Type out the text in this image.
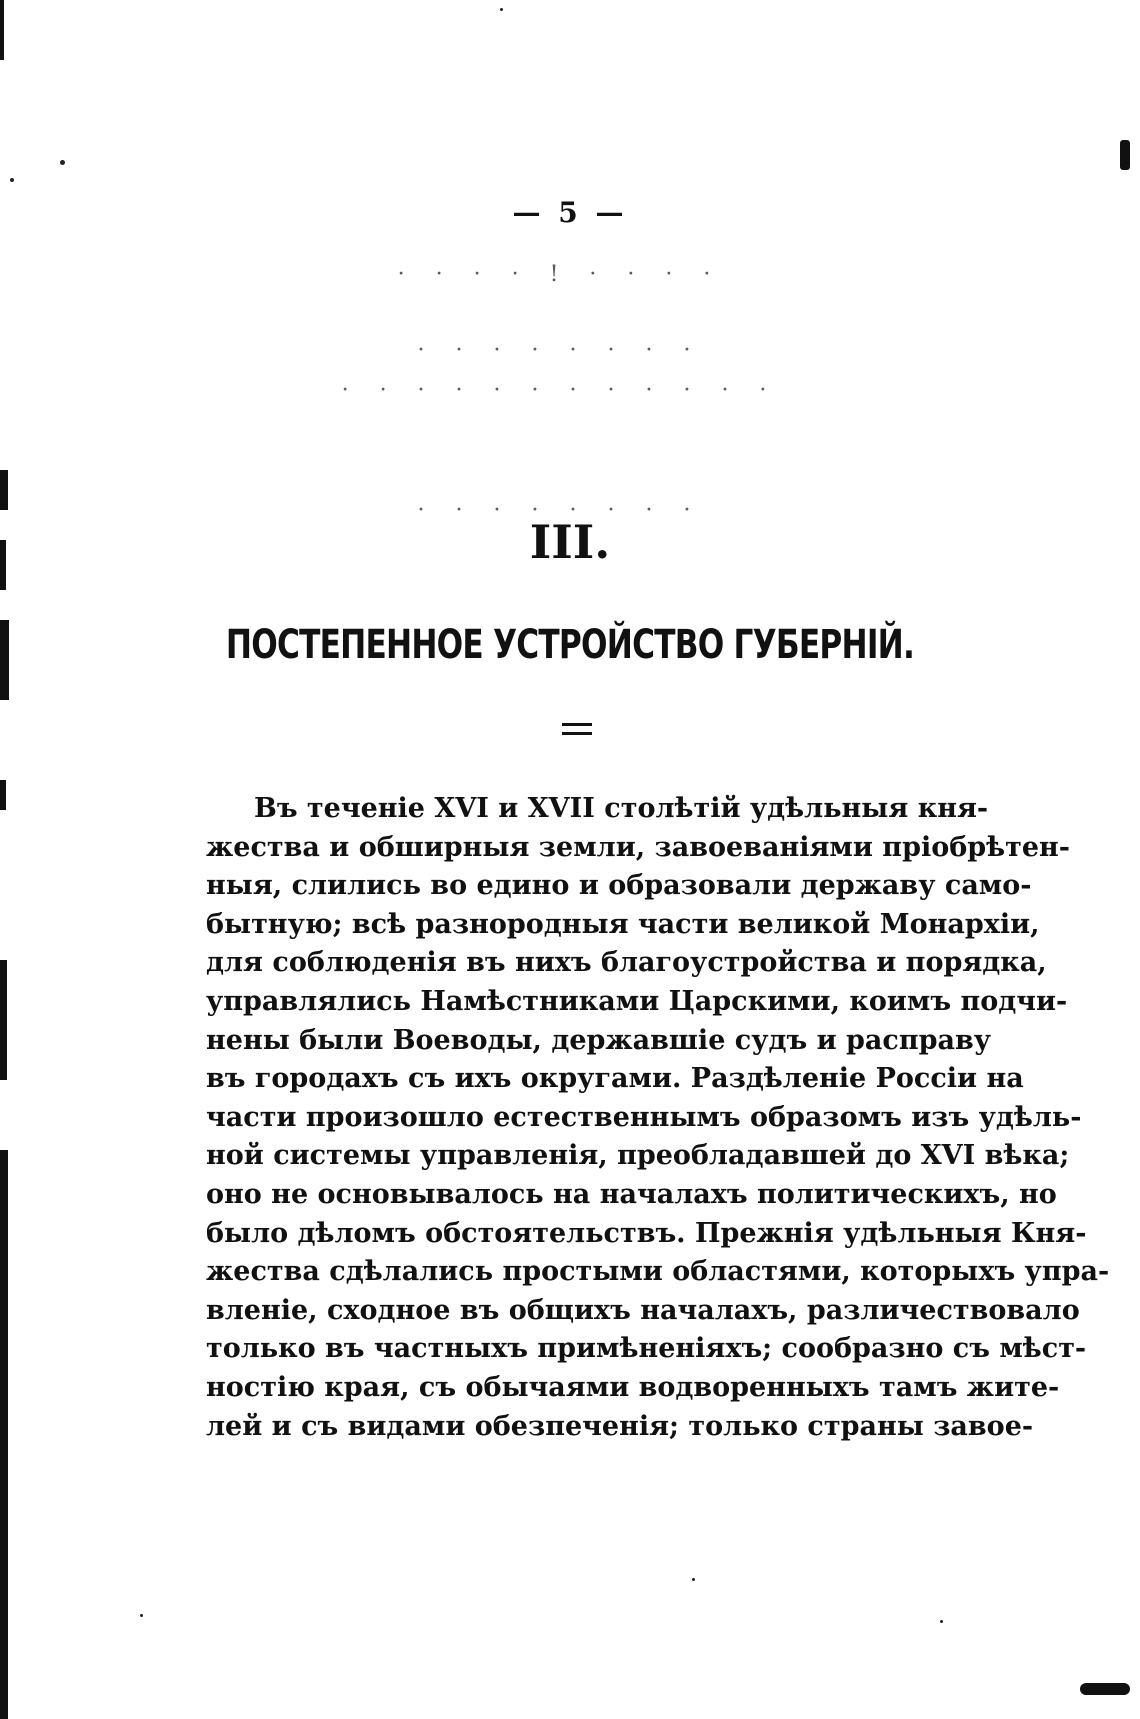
— 5 —
· · · · ! · · · ·
· · · · · · · ·
· · · · · · · · · · · ·
· · · · · · · ·
III.
ПОСТЕПЕННОЕ УСТРОЙСТВО ГУБЕРНІЙ.
Въ теченіе XVI и XVII столѣтій удѣльныя кня-
жества и обширныя земли, завоеваніями пріобрѣтен-
ныя, слились во едино и образовали державу само-
бытную; всѣ разнородныя части великой Монархіи,
для соблюденія въ нихъ благоустройства и порядка,
управлялись Намѣстниками Царскими, коимъ подчи-
нены были Воеводы, державшіе судъ и расправу
въ городахъ съ ихъ округами. Раздѣленіе Россіи на
части произошло естественнымъ образомъ изъ удѣль-
ной системы управленія, преобладавшей до XVI вѣка;
оно не основывалось на началахъ политическихъ, но
было дѣломъ обстоятельствъ. Прежнія удѣльныя Кня-
жества сдѣлались простыми областями, которыхъ упра-
вленіе, сходное въ общихъ началахъ, различествовало
только въ частныхъ примѣненіяхъ; сообразно съ мѣст-
ностію края, съ обычаями водворенныхъ тамъ жите-
лей и съ видами обезпеченія; только страны завое-
